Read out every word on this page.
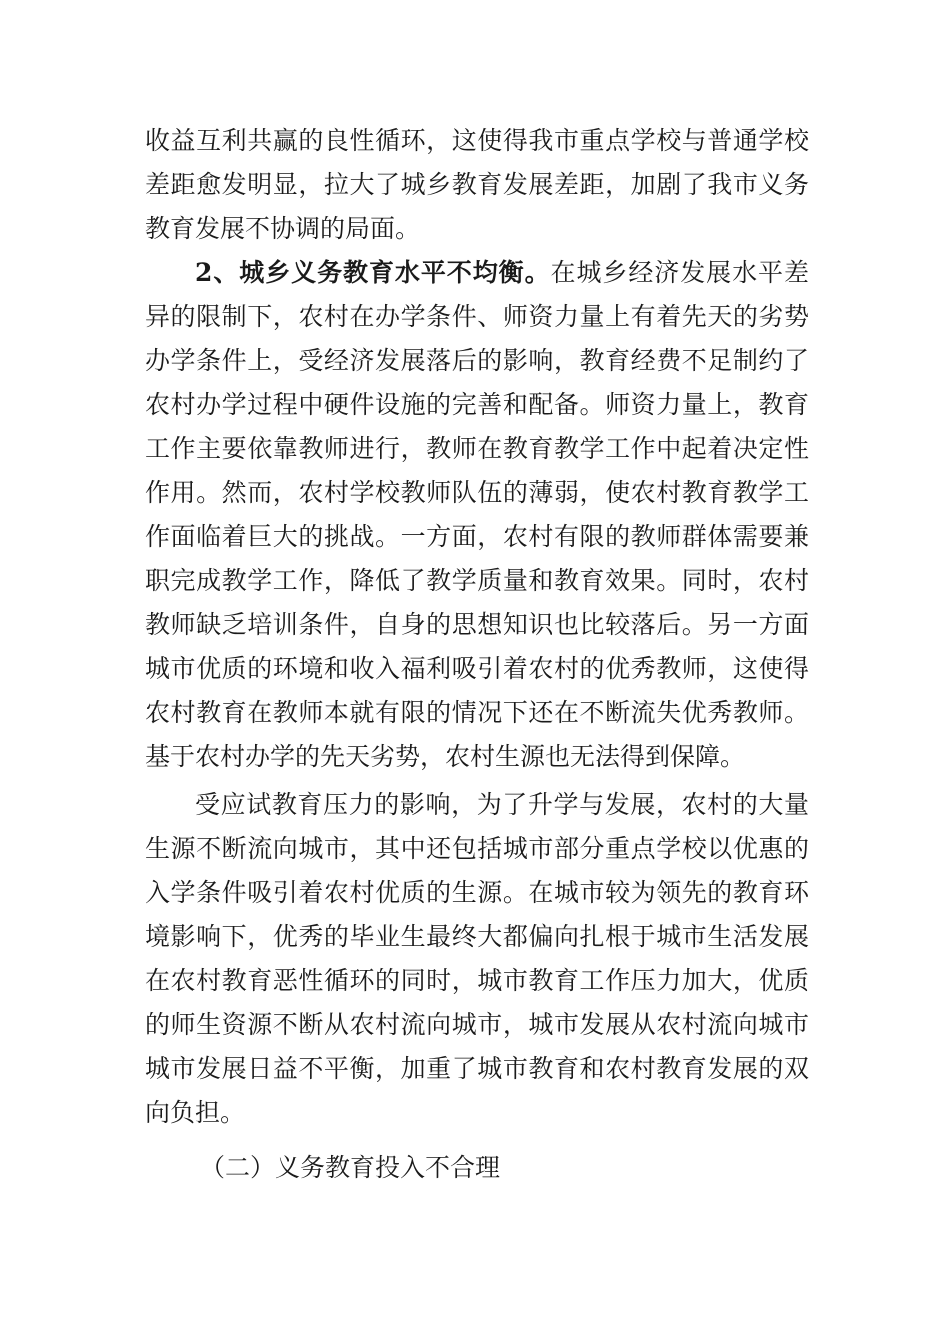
收益互利共赢的良性循环，这使得我市重点学校与普通学校
差距愈发明显，拉大了城乡教育发展差距，加剧了我市义务
教育发展不协调的局面。
2、城乡义务教育水平不均衡。在城乡经济发展水平差
异的限制下，农村在办学条件、师资力量上有着先天的劣势
办学条件上，受经济发展落后的影响，教育经费不足制约了
农村办学过程中硬件设施的完善和配备。师资力量上，教育
工作主要依靠教师进行，教师在教育教学工作中起着决定性
作用。然而，农村学校教师队伍的薄弱，使农村教育教学工
作面临着巨大的挑战。一方面，农村有限的教师群体需要兼
职完成教学工作，降低了教学质量和教育效果。同时，农村
教师缺乏培训条件，自身的思想知识也比较落后。另一方面
城市优质的环境和收入福利吸引着农村的优秀教师，这使得
农村教育在教师本就有限的情况下还在不断流失优秀教师。
基于农村办学的先天劣势，农村生源也无法得到保障。
受应试教育压力的影响，为了升学与发展，农村的大量
生源不断流向城市，其中还包括城市部分重点学校以优惠的
入学条件吸引着农村优质的生源。在城市较为领先的教育环
境影响下，优秀的毕业生最终大都偏向扎根于城市生活发展
在农村教育恶性循环的同时，城市教育工作压力加大，优质
的师生资源不断从农村流向城市，城市发展从农村流向城市
城市发展日益不平衡，加重了城市教育和农村教育发展的双
向负担。
（二）义务教育投入不合理
